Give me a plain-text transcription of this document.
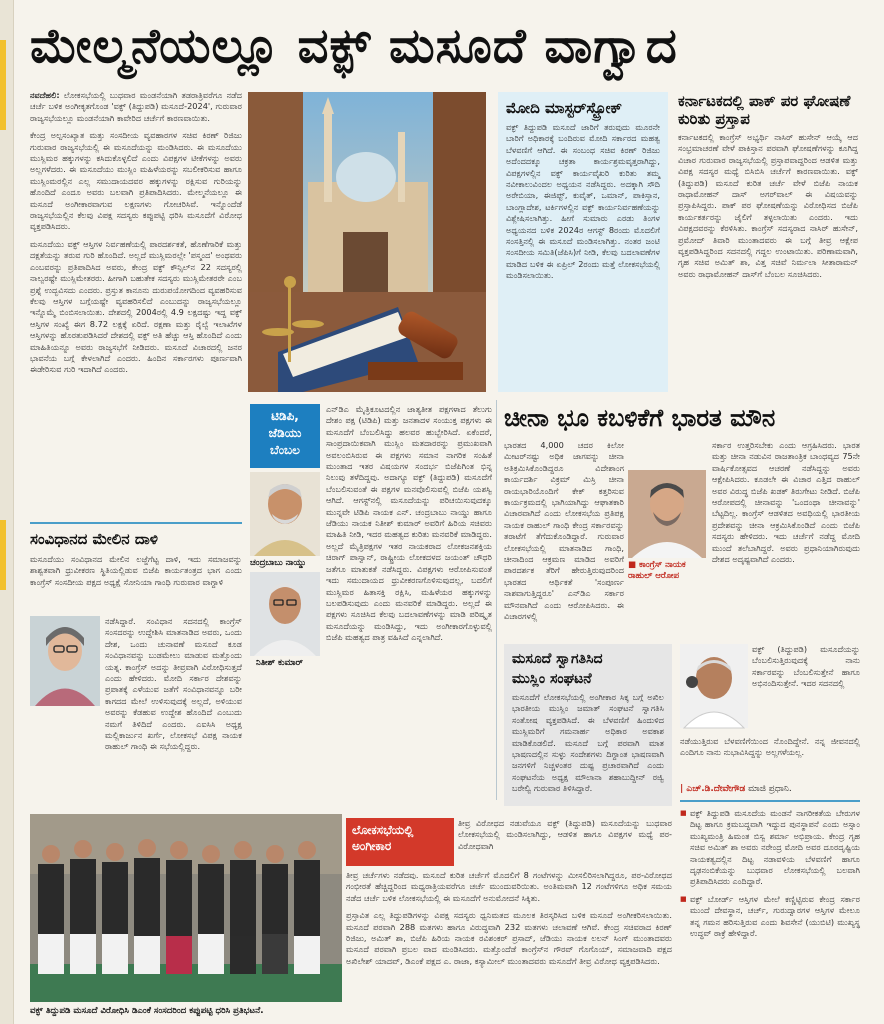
ಮೇಲ್ಮನೆಯಲ್ಲೂ ವಕ್ಫ್ ಮಸೂದೆ ವಾಗ್ವಾದ

ನವದೆಹಲಿ: ಲೋಕಸಭೆಯಲ್ಲಿ ಬುಧವಾರ ಮಂಡನೆಯಾಗಿ ತಡರಾತ್ರಿವರೆಗೂ ನಡೆದ ಚರ್ಚೆ ಬಳಿಕ ಅಂಗೀಕೃತಗೊಂಡ 'ವಕ್ಫ್ (ತಿದ್ದುಪಡಿ) ಮಸೂದೆ-2024', ಗುರುವಾರ ರಾಜ್ಯಸಭೆಯಲ್ಲೂ ಮಂಡನೆಯಾಗಿ ಕಾವೇರಿದ ಚರ್ಚೆಗೆ ಕಾರಣವಾಯಿತು.

ಕೇಂದ್ರ ಅಲ್ಪಸಂಖ್ಯಾತ ಮತ್ತು ಸಂಸದೀಯ ವ್ಯವಹಾರಗಳ ಸಚಿವ ಕಿರಣ್ ರಿಜಿಜು ಗುರುವಾರ ರಾಜ್ಯಸಭೆಯಲ್ಲಿ ಈ ಮಸೂದೆಯನ್ನು ಮಂಡಿಸಿದರು. ಈ ಮಸೂದೆಯು ಮುಸ್ಲಿಮರ ಹಕ್ಕುಗಳನ್ನು ಕಸಿದುಕೊಳ್ಳಲಿದೆ ಎಂದು ವಿಪಕ್ಷಗಳ ಟೀಕೆಗಳನ್ನು ಅವರು ಅಲ್ಲಗಳೆದರು. ಈ ಮಸೂದೆಯು ಮುಸ್ಲಿಂ ಮಹಿಳೆಯರನ್ನು ಸಬಲೀಕರಿಸುವ ಹಾಗೂ ಮುಸ್ಲಿಂಮರಲ್ಲಿನ ಎಲ್ಲ ಸಮುದಾಯದವರ ಹಕ್ಕುಗಳನ್ನು ರಕ್ಷಿಸುವ ಗುರಿಯನ್ನು ಹೊಂದಿದೆ ಎಂದೂ ಅವರು ಬಲವಾಗಿ ಪ್ರತಿಪಾದಿಸಿದರು. ಮೇಲ್ಮನೆಯಲ್ಲೂ ಈ ಮಸೂದೆ ಅಂಗೀಕಾರವಾಗುವ ಲಕ್ಷಣಗಳು ಗೋಚರಿಸಿವೆ. ಇನ್ನೊಂದೆಡೆ ರಾಜ್ಯಸಭೆಯಲ್ಲಿನ ಕೆಲವು ವಿಪಕ್ಷ ಸದಸ್ಯರು ಕಪ್ಪುಪಟ್ಟಿ ಧರಿಸಿ ಮಸೂದೆಗೆ ವಿರೋಧ ವ್ಯಕ್ತಪಡಿಸಿದರು.

ಮಸೂದೆಯು ವಕ್ಫ್ ಆಸ್ತಿಗಳ ನಿರ್ವಹಣೆಯಲ್ಲಿ ಪಾರದರ್ಶಕತೆ, ಹೊಣೆಗಾರಿಕೆ ಮತ್ತು ದಕ್ಷತೆಯನ್ನು ತರುವ ಗುರಿ ಹೊಂದಿದೆ. ಅಲ್ಲದೆ ಮುಸ್ಲಿಮರಲ್ಲೇ 'ಪಸ್ಮಂದ' ಅಂಥವರು ಎಂಬವರನ್ನು ಪ್ರತಿಪಾದಿಸಿದ ಅವರು, ಕೇಂದ್ರ ವಕ್ಫ್ ಕೌನ್ಸಿಲ್‌ನ 22 ಸದಸ್ಯರಲ್ಲಿ ನಾಲ್ವರಷ್ಟೇ ಮುಸ್ಲಿಮೇತರರು. ಹೀಗಾಗಿ ಬಹುತೇಕ ಸದಸ್ಯರು ಮುಸ್ಲಿಮೇತರರೇ ಎಂಬ ಪ್ರಶ್ನೆ ಉದ್ಭವಿಸದು ಎಂದರು. ಪ್ರಸ್ತುತ ಕಾನೂನು ದುರುಪಯೋಗದಿಂದ ವ್ಯವಹರಿಸುವ ಕೆಲವು ಆಸ್ತಿಗಳ ಬಗ್ಗೆಯಷ್ಟೇ ವ್ಯವಹರಿಸಲಿದೆ ಎಂಬುದನ್ನು ರಾಜ್ಯಸಭೆಯಲ್ಲೂ ಇನ್ನೊಮ್ಮೆ ಬಿಂಬಿಸಲಾಯಿತು. ದೇಶದಲ್ಲಿ 2004ರಲ್ಲಿ 4.9 ಲಕ್ಷದಷ್ಟು ಇದ್ದ ವಕ್ಫ್ ಆಸ್ತಿಗಳ ಸಂಖ್ಯೆ ಈಗ 8.72 ಲಕ್ಷಕ್ಕೆ ಏರಿದೆ. ರಕ್ಷಣಾ ಮತ್ತು ರೈಲ್ವೆ ಇಲಾಖೆಗಳ ಆಸ್ತಿಗಳನ್ನು ಹೊರತುಪಡಿಸಿದರೆ ದೇಶದಲ್ಲಿ ವಕ್ಫ್ ಅತಿ ಹೆಚ್ಚು ಆಸ್ತಿ ಹೊಂದಿದೆ ಎಂದು ಮಾಹಿತಿಯನ್ನೂ ಅವರು ರಾಜ್ಯಸಭೆಗೆ ನೀಡಿದರು. ಮಸೂದೆ ವಿಚಾರದಲ್ಲಿ ಜನರ ಭಾವನೆಯ ಬಗ್ಗೆ ಕೇಳಲಾಗಿದೆ ಎಂದರು. ಹಿಂದಿನ ಸರ್ಕಾರಗಳು ಪೂರ್ಣವಾಗಿ ಈಡೇರಿಸುವ ಗುರಿ ಇದಾಗಿದೆ ಎಂದರು.

ಮೋದಿ ಮಾಸ್ಟರ್‌ಸ್ಟ್ರೋಕ್
ವಕ್ಫ್ ತಿದ್ದುಪಡಿ ಮಸೂದೆ ಜಾರಿಗೆ ತರುವುದು ಮೂರನೇ ಬಾರಿಗೆ ಅಧಿಕಾರಕ್ಕೆ ಬಂದಿರುವ ಮೋದಿ ಸರ್ಕಾರದ ಮಹತ್ವ ಬೆಳವಣಿಗೆ ಆಗಿದೆ. ಈ ಸಂಬಂಧ ಸಚಿವ ಕಿರಣ್ ರಿಜಿಜು ಅದೆಂದದಕ್ಕೂ ಚಕ್ರತಾ ಕಾರ್ಯಶ್ರಮವೃತ್ತರಾಗಿದ್ದು, ವಿಪಕ್ಷಗಳಲ್ಲಿನ ವಕ್ಫ್ ಕಾರ್ಯವೈಖರಿ ಕುರಿತು ತಮ್ಮ ನವೀಕಾಲುವಿಂದಲ ಅಧ್ಯಯನ ನಡೆಸಿದ್ದರು. ಅದಕ್ಕಾಗಿ ಸೌದಿ ಅರೇಬಿಯಾ, ಈಜಿಪ್ಟ್, ಕುವೈತ್, ಒಮಾನ್, ಪಾಕಿಸ್ತಾನ, ಬಾಂಗ್ಲಾದೇಶ, ಟರ್ಕಿಗಳಲ್ಲಿನ ವಕ್ಫ್ ಕಾರ್ಯನಿರ್ವಹಣೆಯನ್ನು ವಿಶ್ಲೇಷಿಸಲಾಗಿತ್ತು. ಹೀಗೆ ಸುಮಾರು ಎರಡು ತಿಂಗಳ ಅಧ್ಯಯನದ ಬಳಿಕ 2024ರ ಆಗಸ್ಟ್ 8ರಂದು ಮೊದಲಿಗೆ ಸಂಸತ್ತಿನಲ್ಲಿ ಈ ಮಸೂದೆ ಮಂಡಿಸಲಾಗಿತ್ತು. ನಂತರ ಜಂಟಿ ಸಂಸದೀಯ ಸಮಿತಿ(ಜೆಪಿಸಿ)ಗೆ ನೀಡಿ, ಕೆಲವು ಬದಲಾವಣೆಗಳ ಮಾಡಿದ ಬಳಿಕ ಈ ಏಪ್ರಿಲ್ 2ರಂದು ಮತ್ತೆ ಲೋಕಸಭೆಯಲ್ಲಿ ಮಂಡಿಸಲಾಯಿತು.
ಕರ್ನಾಟಕದಲ್ಲಿ ಪಾಕ್ ಪರ ಘೋಷಣೆ ಕುರಿತು ಪ್ರಸ್ತಾಪ

ಕರ್ನಾಟಕದಲ್ಲಿ ಕಾಂಗ್ರೆಸ್ ಅಭ್ಯರ್ಥಿ ನಾಸಿರ್ ಹುಸೇನ್ ಆಯ್ಕೆ ಆದ ಸಂಭ್ರಮಾಚರಣೆ ವೇಳೆ ಪಾಕಿಸ್ತಾನ ಪರವಾಗಿ ಘೋಷಣೆಗಳನ್ನು ಕೂಗಿದ್ದ ವಿಚಾರ ಗುರುವಾರ ರಾಜ್ಯಸಭೆಯಲ್ಲಿ ಪ್ರಸ್ತಾಪವಾದ್ದರಿಂದ ಆಡಳಿತ ಮತ್ತು ವಿಪಕ್ಷ ಸದಸ್ಯರ ಮಧ್ಯೆ ಬಿಸಿಬಿಸಿ ಚರ್ಚೆಗೆ ಕಾರಣವಾಯಿತು. ವಕ್ಫ್ (ತಿದ್ದುಪಡಿ) ಮಸೂದೆ ಕುರಿತ ಚರ್ಚೆ ವೇಳೆ ಬಿಜೆಪಿ ನಾಯಕ ರಾಧಾಮೋಹನ್ ದಾಸ್ ಅಗರ್‌ವಾಲ್ ಈ ವಿಷಯವನ್ನು ಪ್ರಸ್ತಾಪಿಸಿದ್ದರು. ಪಾಕ್ ಪರ ಘೋಷಣೆಯನ್ನು ವಿರೋಧಿಸದ ಬಿಜೆಪಿ ಕಾರ್ಯಕರ್ತರನ್ನು ಜೈಲಿಗೆ ತಳ್ಳಲಾಯಿತು ಎಂದರು. ಇದು ವಿಪಕ್ಷದವರನ್ನು ಕೆರಳಿಸಿತು. ಕಾಂಗ್ರೆಸ್ ಸದಸ್ಯರಾದ ನಾಸಿರ್ ಹುಸೇನ್, ಪ್ರಮೋದ್ ತಿವಾರಿ ಮುಂತಾದವರು ಈ ಬಗ್ಗೆ ತೀವ್ರ ಆಕ್ಷೇಪ ವ್ಯಕ್ತಪಡಿಸಿದ್ದರಿಂದ ಸದನದಲ್ಲಿ ಗದ್ದಲ ಉಂಟಾಯಿತು. ಪರಿಣಾಮವಾಗಿ, ಗೃಹ ಸಚಿವ ಅಮಿತ್ ಶಾ, ವಿತ್ತ ಸಚಿವೆ ನಿರ್ಮಲಾ ಸೀತಾರಾಮನ್ ಅವರು ರಾಧಾಮೋಹನ್ ದಾಸ್‌ಗೆ ಬೆಂಬಲ ಸೂಚಿಸಿದರು.

ಸಂವಿಧಾನದ ಮೇಲಿನ ದಾಳಿ

ಮಸೂದೆಯು ಸಂವಿಧಾನದ ಮೇಲಿನ ಲಜ್ಜೆಗೆಟ್ಟ ದಾಳಿ, ಇದು ಸಮಾಜವನ್ನು ಶಾಶ್ವತವಾಗಿ ಧ್ರುವೀಕರಣ ಸ್ಥಿತಿಯಲ್ಲಿಡುವ ಬಿಜೆಪಿ ಕಾರ್ಯತಂತ್ರದ ಭಾಗ ಎಂದು ಕಾಂಗ್ರೆಸ್ ಸಂಸದೀಯ ಪಕ್ಷದ ಅಧ್ಯಕ್ಷೆ ಸೋನಿಯಾ ಗಾಂಧಿ ಗುರುವಾರ ವಾಗ್ದಾಳಿ

ನಡೆಸಿದ್ದಾರೆ. ಸಂವಿಧಾನ ಸದನದಲ್ಲಿ ಕಾಂಗ್ರೆಸ್ ಸಂಸದರನ್ನು ಉದ್ದೇಶಿಸಿ ಮಾತನಾಡಿದ ಅವರು, ಒಂದು ದೇಶ, ಒಂದು ಚುನಾವಣೆ ಮಸೂದೆ ಕೂಡ ಸಂವಿಧಾನವನ್ನು ಬುಡಮೇಲು ಮಾಡುವ ಮತ್ತೊಂದು ಯತ್ನ. ಕಾಂಗ್ರೆಸ್ ಅದನ್ನು ತೀವ್ರವಾಗಿ ವಿರೋಧಿಸುತ್ತದೆ ಎಂದು ಹೇಳಿದರು. ಮೋದಿ ಸರ್ಕಾರ ದೇಶವನ್ನು ಪ್ರಪಾತಕ್ಕೆ ಎಳೆಯುವ ಜತೆಗೆ ಸಂವಿಧಾನವನ್ನೂ ಬರೀ ಕಾಗದದ ಮೇಲೆ ಉಳಿಸುವುದಕ್ಕೆ ಅಲ್ಲದೆ, ಅಳಿಯುವ ಅವರನ್ನು ಕೆಡಹುವ ಉದ್ದೇಶ ಹೊಂದಿದೆ ಎಂಬುದು ನಮಗೆ ತಿಳಿದಿದೆ ಎಂದರು. ಎಐಸಿಸಿ ಅಧ್ಯಕ್ಷ ಮಲ್ಲಿಕಾರ್ಜುನ ಖರ್ಗೆ, ಲೋಕಸಭೆ ವಿಪಕ್ಷ ನಾಯಕ ರಾಹುಲ್ ಗಾಂಧಿ ಈ ಸಭೆಯಲ್ಲಿದ್ದರು.

ಟಿಡಿಪಿ,
ಜೆಡಿಯು
ಬೆಂಬಲ
ಚಂದ್ರಬಾಬು ನಾಯ್ಡು
ನಿತೀಶ್ ಕುಮಾರ್

ಎನ್‌ಡಿಎ ಮೈತ್ರಿಕೂಟದಲ್ಲಿನ ಜಾತ್ಯತೀತ ಪಕ್ಷಗಳಾದ ತೆಲುಗು ದೇಶಂ ಪಕ್ಷ (ಟಿಡಿಪಿ) ಮತ್ತು ಜನತಾದಳ ಸಂಯುಕ್ತ ಪಕ್ಷಗಳು ಈ ಮಸೂದೆಗೆ ಬೆಂಬಲಿಸಿದ್ದು ಹಲವರ ಹುಬ್ಬೇರಿಸಿದೆ. ಏಕೆಂದರೆ, ಸಾಂಪ್ರದಾಯಿಕವಾಗಿ ಮುಸ್ಲಿಂ ಮತದಾರರನ್ನು ಪ್ರಮುಖವಾಗಿ ಅವಲಂಬಿಸಿರುವ ಈ ಪಕ್ಷಗಳು ಸಮಾನ ನಾಗರಿಕ ಸಂಹಿತೆ ಮುಂತಾದ ಇತರ ವಿಷಯಗಳ ಸಂದರ್ಭ ಬಿಜೆಪಿಗಿಂತ ಭಿನ್ನ ನಿಲುವು ತಳೆದಿದ್ದವು. ಅದಾಗ್ಯೂ ವಕ್ಫ್ (ತಿದ್ದುಪಡಿ) ಮಸೂದೆಗೆ ಬೆಂಬಲಿಸುವಂತೆ ಈ ಪಕ್ಷಗಳ ಮನವೊಲಿಸುವಲ್ಲಿ ಬಿಜೆಪಿ ಯಶಸ್ವಿ ಆಗಿದೆ. ಆಗಸ್ಟ್‌ನಲ್ಲಿ ಮಸೂದೆಯನ್ನು ಪರಿಚಯಿಸುವುದಕ್ಕೂ ಮುನ್ನವೇ ಟಿಡಿಪಿ ನಾಯಕ ಎನ್. ಚಂದ್ರಬಾಬು ನಾಯ್ಡು ಹಾಗೂ ಜೆಡಿಯು ನಾಯಕ ನಿತೀಶ್ ಕುಮಾರ್ ಅವರಿಗೆ ಹಿರಿಯ ಸಚಿವರು ಮಾಹಿತಿ ನೀಡಿ, ಇದರ ಮಹತ್ವದ ಕುರಿತು ಮನವರಿಕೆ ಮಾಡಿದ್ದರು. ಅಲ್ಲದೆ ಮೈತ್ರಿಪಕ್ಷಗಳ ಇತರ ನಾಯಕರಾದ ಲೋಕಜನಶಕ್ತಿಯ ಚಿರಾಗ್ ಪಾಸ್ವಾನ್, ರಾಷ್ಟ್ರೀಯ ಲೋಕದಳದ ಜಯಂತ್ ಚೌಧರಿ ಜತೆಗೂ ಮಾತುಕತೆ ನಡೆಸಿದ್ದರು. ವಿಪಕ್ಷಗಳು ಆರೋಪಿಸುವಂತೆ ಇದು ಸಮುದಾಯದ ಧ್ರುವೀಕರಣಗೊಳಿಸುವುದಲ್ಲ, ಬದಲಿಗೆ ಮುಸ್ಲಿಮರ ಹಿತಾಸಕ್ತಿ ರಕ್ಷಿಸಿ, ಮಹಿಳೆಯರ ಹಕ್ಕುಗಳನ್ನು ಬಲಪಡಿಸುವುದು ಎಂದು ಮನವರಿಕೆ ಮಾಡಿದ್ದರು. ಅಲ್ಲದೆ ಈ ಪಕ್ಷಗಳು ಸೂಚಿಸಿದ ಕೆಲವು ಬದಲಾವಣೆಗಳನ್ನು ಮಾಡಿ ಪರಿಷ್ಕೃತ ಮಸೂದೆಯನ್ನು ಮಂಡಿಸಿದ್ದು, ಇದು ಅಂಗೀಕಾರಗೊಳ್ಳುವಲ್ಲಿ ಬಿಜೆಪಿ ಮಹತ್ವದ ಪಾತ್ರ ವಹಿಸಿದೆ ಎನ್ನಲಾಗಿದೆ.

ಚೀನಾ ಭೂ ಕಬಳಿಕೆಗೆ ಭಾರತ ಮೌನ

ಭಾರತದ 4,000 ಚದರ ಕಿಲೋ ಮೀಟರ್‌ನಷ್ಟು ಅಧಿಕ ಜಾಗವನ್ನು ಚೀನಾ ಅತಿಕ್ರಮಿಸಿಕೊಂಡಿದ್ದರೂ ವಿದೇಶಾಂಗ ಕಾರ್ಯದರ್ಶಿ ವಿಕ್ರಮ್ ಮಿಸ್ರಿ ಚೀನಾ ರಾಯಭಾರಿಯೊಂದಿಗೆ ಕೇಕ್ ಕತ್ತರಿಸುವ ಕಾರ್ಯಕ್ರಮದಲ್ಲಿ ಭಾಗಿಯಾಗಿದ್ದು ಆಘಾತಕಾರಿ ವಿಚಾರವಾಗಿದೆ ಎಂದು ಲೋಕಸಭೆಯ ಪ್ರತಿಪಕ್ಷ ನಾಯಕ ರಾಹುಲ್ ಗಾಂಧಿ ಕೇಂದ್ರ ಸರ್ಕಾರವನ್ನು ತರಾಟೆಗೆ ತೆಗೆದುಕೊಂಡಿದ್ದಾರೆ. ಗುರುವಾರ ಲೋಕಸಭೆಯಲ್ಲಿ ಮಾತನಾಡಿದ ಗಾಂಧಿ, ಚೀನಾದಿಂದ ಆಕ್ರಮಣ ಮಾಡಿದ ಅವರಿಗೆ ಪಾರದರ್ಶಕ ತೆರಿಗೆ ಹೇರುತ್ತಿರುವುದರಿಂದ ಭಾರತದ ಆರ್ಥಿಕತೆ 'ಸಂಪೂರ್ಣ ನಾಶವಾಗುತ್ತಿದ್ದರೂ' ಎನ್‌ಡಿಎ ಸರ್ಕಾರ ಮೌನವಾಗಿದೆ ಎಂದು ಆರೋಪಿಸಿದರು. ಈ ವಿಚಾರಗಳಲ್ಲಿ

■ ಕಾಂಗ್ರೆಸ್ ನಾಯಕ
ರಾಹುಲ್ ಆರೋಪ

ಸರ್ಕಾರ ಉತ್ತರಿಸಬೇಕು ಎಂದು ಆಗ್ರಹಿಸಿದರು. ಭಾರತ ಮತ್ತು ಚೀನಾ ನಡುವಿನ ರಾಜತಾಂತ್ರಿಕ ಬಾಂಧವ್ಯದ 75ನೇ ವಾರ್ಷಿಕೋತ್ಸವದ ಆಚರಣೆ ನಡೆಸಿದ್ದನ್ನು ಅವರು ಆಕ್ಷೇಪಿಸಿದರು. ಕೂಡಲೇ ಈ ವಿಚಾರ ಎತ್ತಿದ ರಾಹುಲ್ ಅವರ ವಿರುದ್ಧ ಬಿಜೆಪಿ ಖಡಕ್ ತಿರುಗೇಟು ನೀಡಿದೆ. ಬಿಜೆಪಿ ಆರೋಪದಲ್ಲಿ ಚೀನಾವನ್ನು 'ಒಂದಂಥಾ ಚೀನಾವನ್ನು' ಬೆಟ್ಟದಿಲ್ಲ. ಕಾಂಗ್ರೆಸ್ ಆಡಳಿತದ ಅವಧಿಯಲ್ಲಿ ಭಾರತೀಯ ಪ್ರದೇಶವನ್ನು ಚೀನಾ ಆಕ್ರಮಿಸಿಕೊಂಡಿದೆ ಎಂದು ಬಿಜೆಪಿ ಸದಸ್ಯರು ಹೇಳಿದರು. ಇದು ಚರ್ಚೆಗೆ ನಡೆದ್ದ ಮೋದಿ ಮುಂದೆ ತಲೆಬಾಗಿದ್ದರೆ. ಅವರು ಪ್ರಧಾನಿಯಾಗಿರುವುದು ದೇಶದ ಅದೃಷ್ಟವಾಗಿದೆ ಎಂದರು.

ಮಸೂದೆ ಸ್ವಾಗತಿಸಿದ
ಮುಸ್ಲಿಂ ಸಂಘಟನೆ
ಮಸೂದೆಗೆ ಲೋಕಸಭೆಯಲ್ಲಿ ಅಂಗೀಕಾರ ಸಿಕ್ಕ ಬಗ್ಗೆ ಅಖಿಲ ಭಾರತೀಯ ಮುಸ್ಲಿಂ ಜಮಾತ್ ಸಂಘಟನೆ ಸ್ವಾಗತಿಸಿ ಸಂತೋಷ ವ್ಯಕ್ತಪಡಿಸಿದೆ. ಈ ಬೆಳವಣಿಗೆ ಹಿಂದುಳಿದ ಮುಸ್ಲಿಮರಿಗೆ ಗಮನಾರ್ಹ ಅಧಿಕಾರ ಅವಕಾಶ ಮಾಡಿಕೊಡಲಿದೆ. ಮಸೂದೆ ಬಗ್ಗೆ ಪರವಾಗಿ ಮಾತ ಭಾಷಣದಲ್ಲಿನ ಸುಳ್ಳು ಸಂದೇಶಗಳು ದಿಗ್ದಾಂತ ಭಾಷಣವಾಗಿ ಜನಗಳಿಗೆ ನಿಚ್ಚಳಂತರ ದುಷ್ಟ ಪ್ರಚಾರವಾಗಿದೆ ಎಂದು ಸಂಘಟನೆಯ ಅಧ್ಯಕ್ಷ ಮೌಲಾನಾ ಶಹಾಬುದ್ದೀನ್ ರಜ್ವಿ ಬರೇಲ್ವಿ ಗುರುವಾರ ತಿಳಿಸಿದ್ದಾರೆ.

ವಕ್ಫ್ (ತಿದ್ದುಪಡಿ) ಮಸೂದೆಯನ್ನು ಬೆಂಬಲಿಸುತ್ತಿರುವುದಕ್ಕೆ ನಾನು ಸರ್ಕಾರವನ್ನು ಬೆಂಬಲಿಸುತ್ತೇನೆ ಹಾಗೂ ಅಭಿನಂದಿಸುತ್ತೇನೆ. ಇದರ ಸದನದಲ್ಲಿ

ನಡೆಯುತ್ತಿರುವ ಬೆಳವಣಿಗೆಯಿಂದ ನೊಂದಿದ್ದೇನೆ. ನನ್ನ ಜೀವನದಲ್ಲಿ ಎಂದಿಗೂ ನಾನು ನುಭಾವಿಸಿದ್ದನ್ನು ಅಲ್ಲಗಳೆಯಲ್ಲ.

| ಎಚ್.ಡಿ.ದೇವೇಗೌಡ ಮಾಜಿ ಪ್ರಧಾನಿ.
■ ವಕ್ಫ್ ತಿದ್ದುಪಡಿ ಮಸೂದೆಯ ಮಂಡನೆ ನಾಗರೀಕತೆಯ ಬೇರುಗಳ ದಿಟ್ಟ ಹಾಗೂ ಕ್ರಮಬದ್ಧವಾಗಿ ಇದ್ದುದ ಪುನಸ್ಥಾಪನೆ ಎಂದು ಅಸ್ಸಾಂ ಮುಖ್ಯಮಂತ್ರಿ ಹಿಮಂತ ಬಿಸ್ವ ಶರ್ಮಾ ಅಭಿಪ್ರಾಯ. ಕೇಂದ್ರ ಗೃಹ ಸಚಿವ ಅಮಿತ್ ಶಾ ಅವರು ನರೇಂದ್ರ ಮೋದಿ ಅವರ ದೂರದೃಷ್ಟಿಯ ನಾಯಕತ್ವದಲ್ಲಿನ ದಿಟ್ಟ ನಡಾವಳಿಯ ಬೆಳವಣಿಗೆ ಹಾಗೂ ದೃಢನಂಬಿಕೆಯನ್ನು ಬುಧವಾರ ಲೋಕಸಭೆಯಲ್ಲಿ ಬಲವಾಗಿ ಪ್ರತಿಪಾದಿಸಿದರು ಎಂದಿದ್ದಾರೆ.
■ ವಕ್ಫ್ ಬೋರ್ಡ್ ಆಸ್ತಿಗಳ ಮೇಲೆ ಕಣ್ಣಿಟ್ಟಿರುವ ಕೇಂದ್ರ ಸರ್ಕಾರ ಮುಂದೆ ದೇವಸ್ಥಾನ, ಚರ್ಚ್, ಗುರುದ್ವಾರಗಳ ಆಸ್ತಿಗಳ ಮೇಲೂ ತನ್ನ ಗಮನ ಹರಿಸುತ್ತಿರುವ ಎಂದು ಶಿವಸೇನೆ (ಯುಬಿಟಿ) ಮುಖ್ಯಸ್ಥ ಉದ್ಧವ್ ಠಾಕ್ರೆ ಹೇಳಿದ್ದಾರೆ.
ವಕ್ಫ್ ತಿದ್ದುಪಡಿ ಮಸೂದೆ ವಿರೋಧಿಸಿ ಡಿಎಂಕೆ ಸಂಸದರಿಂದ ಕಪ್ಪುಪಟ್ಟಿ ಧರಿಸಿ ಪ್ರತಿಭಟನೆ.
ಲೋಕಸಭೆಯಲ್ಲಿ
ಅಂಗೀಕಾರ

ತೀವ್ರ ವಿರೋಧದ ನಡುವೆಯೂ ವಕ್ಫ್ (ತಿದ್ದುಪಡಿ) ಮಸೂದೆಯನ್ನು ಬುಧವಾರ ಲೋಕಸಭೆಯಲ್ಲಿ ಮಂಡಿಸಲಾಗಿದ್ದು, ಆಡಳಿತ ಹಾಗೂ ವಿಪಕ್ಷಗಳ ಮಧ್ಯೆ ಪರ- ವಿರೋಧವಾಗಿ

ತೀವ್ರ ಚರ್ಚೆಗಳು ನಡೆದವು. ಮಸೂದೆ ಕುರಿತ ಚರ್ಚೆಗೆ ಮೊದಲಿಗೆ 8 ಗಂಟೆಗಳನ್ನು ಮೀಸಲಿರಿಸಲಾಗಿದ್ದರೂ, ಪರ-ವಿರೋಧದ ಗಂಭೀರತೆ ಹೆಚ್ಚಿದ್ದರಿಂದ ಮಧ್ಯರಾತ್ರಿಯವರೆಗೂ ಚರ್ಚೆ ಮುಂದುವರಿಯಿತು. ಅಂತಿಮವಾಗಿ 12 ಗಂಟೆಗಳಿಗೂ ಅಧಿಕ ಸಮಯ ನಡೆದ ಚರ್ಚೆ ಬಳಿಕ ಲೋಕಸಭೆಯಲ್ಲಿ ಈ ಮಸೂದೆಗೆ ಅನುಮೋದನೆ ಸಿಕ್ಕಿತು.

ಪ್ರಸ್ತಾವಿತ ಎಲ್ಲ ತಿದ್ದುಪಡಿಗಳನ್ನು ವಿಪಕ್ಷ ಸದಸ್ಯರು ಧ್ವನಿಮತದ ಮೂಲಕ ತಿರಸ್ಕರಿಸಿದ ಬಳಿಕ ಮಸೂದೆ ಅಂಗೀಕರಿಸಲಾಯಿತು. ಮಸೂದೆ ಪರವಾಗಿ 288 ಮತಗಳು ಹಾಗೂ ವಿರುದ್ಧವಾಗಿ 232 ಮತಗಳು ಚಲಾವಣೆ ಆಗಿವೆ. ಕೇಂದ್ರ ಸಚಿವರಾದ ಕಿರಣ್ ರಿಜಿಜು, ಅಮಿತ್ ಶಾ, ಬಿಜೆಪಿ ಹಿರಿಯ ನಾಯಕ ರವಿಶಂಕರ್ ಪ್ರಸಾದ್, ಜೆಡಿಯು ನಾಯಕ ಲಲನ್ ಸಿಂಗ್ ಮುಂತಾದವರು ಮಸೂದೆ ಪರವಾಗಿ ಪ್ರಬಲ ವಾದ ಮಂಡಿಸಿದರು. ಮತ್ತೊಂದೆಡೆ ಕಾಂಗ್ರೆಸ್‌ನ ಗೌರವ್ ಗೊಗೊಯ್, ಸಮಾಜವಾದಿ ಪಕ್ಷದ ಅಖಿಲೇಶ್ ಯಾದವ್, ಡಿಎಂಕೆ ಪಕ್ಷದ ಎ. ರಾಜಾ, ಕಸ್ಯಾಮೀಲ್ ಮುಂತಾದವರು ಮಸೂದೆಗೆ ತೀವ್ರ ವಿರೋಧ ವ್ಯಕ್ತಪಡಿಸಿದರು.
